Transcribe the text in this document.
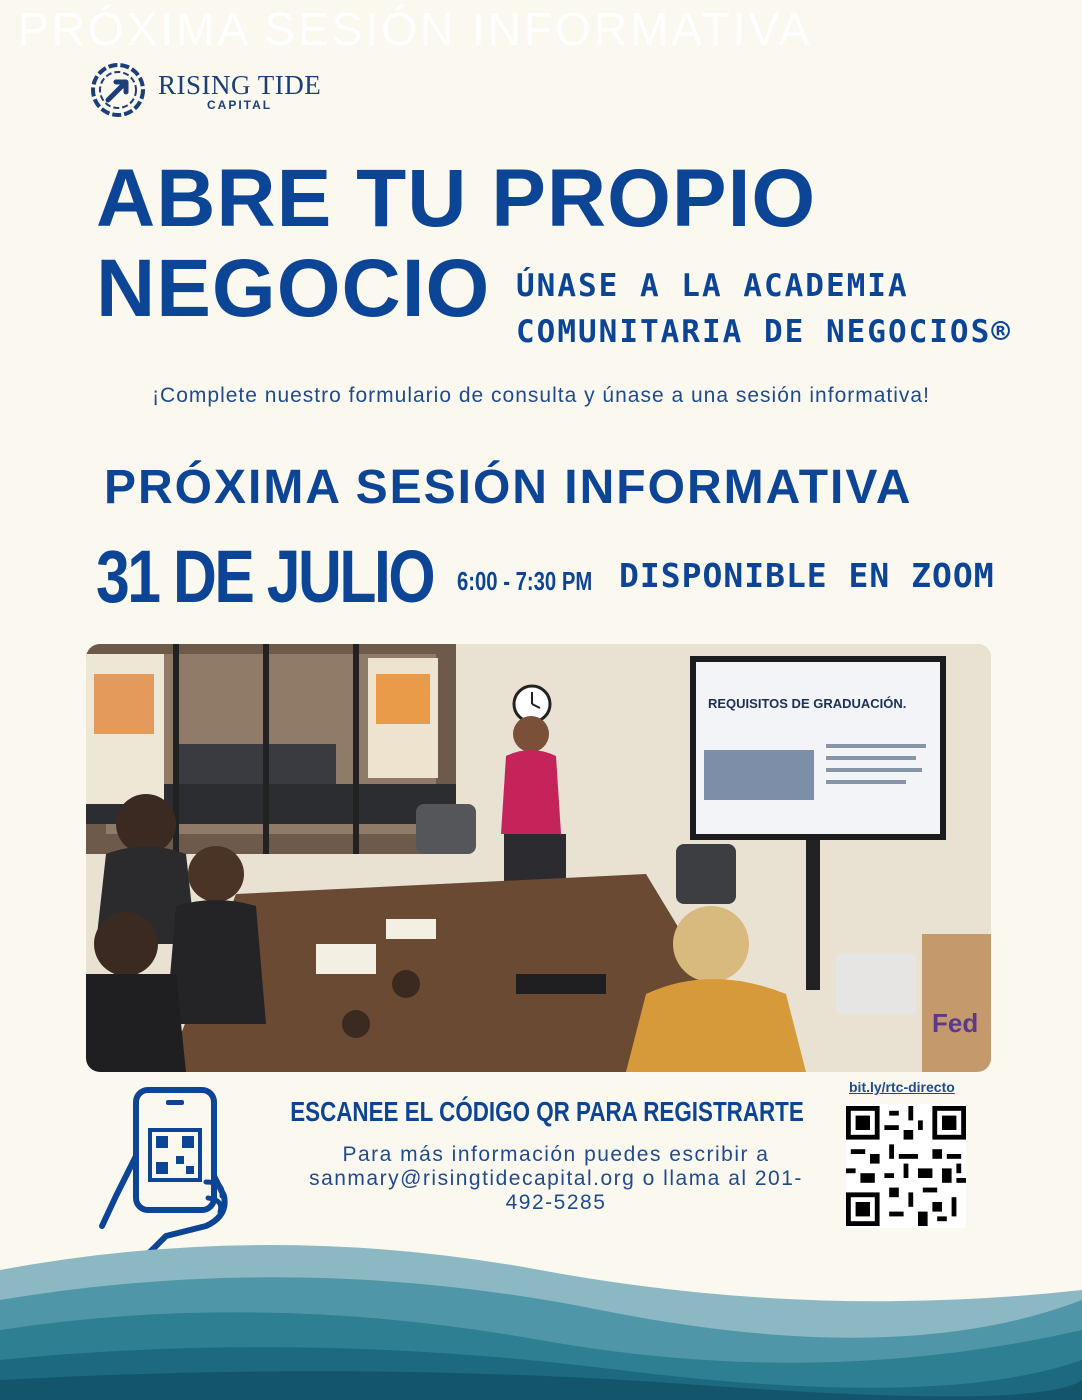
PRÓXIMA SESIÓN INFORMATIVA
RISING TIDE
CAPITAL
ABRE TU PROPIO
NEGOCIO ÚNASE A LA ACADEMIA
COMUNITARIA DE NEGOCIOS®
¡Complete nuestro formulario de consulta y únase a una sesión informativa!
PRÓXIMA SESIÓN INFORMATIVA
31 DE JULIO 6:00 - 7:30 PM DISPONIBLE EN ZOOM
REQUISITOS DE GRADUACIÓN.
Fed
ESCANEE EL CÓDIGO QR PARA REGISTRARTE
Para más información puedes escribir a sanmary@risingtidecapital.org o llama al 201-492-5285
bit.ly/rtc-directo
